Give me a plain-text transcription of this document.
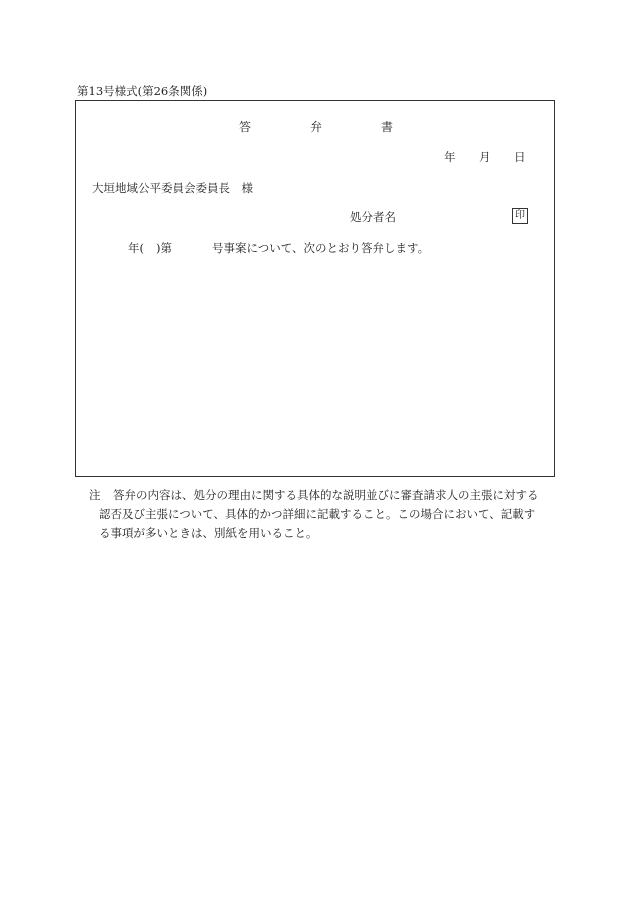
第13号様式(第26条関係)
答	弁	書
年 月 日
大垣地域公平委員会委員長　様
処分者名	印
年( )第	号事案について、次のとおり答弁します。
注 答弁の内容は、処分の理由に関する具体的な説明並びに審査請求人の主張に対する
認否及び主張について、具体的かつ詳細に記載すること。この場合において、記載す
る事項が多いときは、別紙を用いること。
